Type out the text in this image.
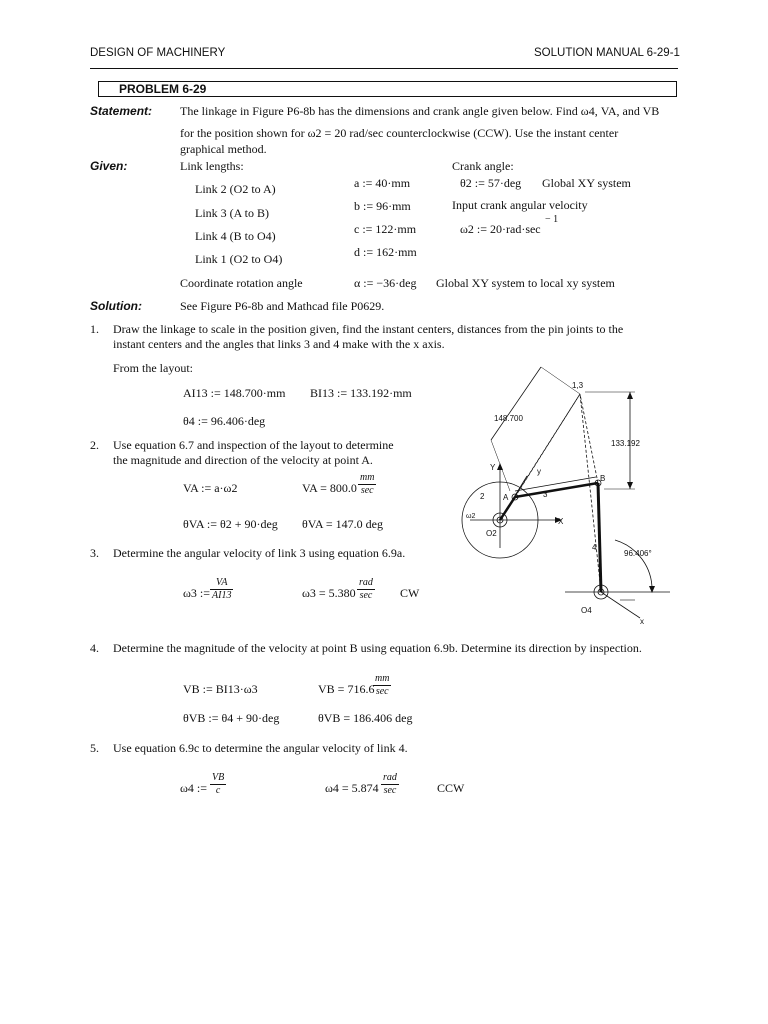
DESIGN OF MACHINERY	SOLUTION MANUAL 6-29-1
PROBLEM 6-29
Statement: The linkage in Figure P6-8b has the dimensions and crank angle given below. Find ω4, VA, and VB
for the position shown for ω2 = 20 rad/sec counterclockwise (CCW). Use the instant center
graphical method.
Given:	Link lengths:
Link 2 (O2 to A)	a := 40·mm
Link 3 (A to B)	b := 96·mm
Link 4 (B to O4)	c := 122·mm
Link 1 (O2 to O4)	d := 162·mm
Crank angle:
θ2 := 57·deg Global XY system
Input crank angular velocity
ω2 := 20·rad·sec
− 1
Coordinate rotation angle	α := −36·deg Global XY system to local xy system
Solution:	See Figure P6-8b and Mathcad file P0629.
1. Draw the linkage to scale in the position given, find the instant centers, distances from the pin joints to the
instant centers and the angles that links 3 and 4 make with the x axis.
From the layout:
AI13 := 148.700·mm BI13 := 133.192·mm
θ4 := 96.406·deg
2. Use equation 6.7 and inspection of the layout to determine
the magnitude and direction of the velocity at point A.
VA := a·ω2	VA = 800.0
mm
sec
θVA := θ2 + 90·deg θVA = 147.0 deg
3. Determine the angular velocity of link 3 using equation 6.9a.
ω3 := $\frac{VA}{AI13}$	ω3 = 5.380
rad
sec CW
4. Determine the magnitude of the velocity at point B using equation 6.9b. Determine its direction by inspection.
VB := BI13·ω3	VB = 716.6
mm
sec
θVB := θ4 + 90·deg	θVB = 186.406 deg
5. Use equation 6.9c to determine the angular velocity of link 4.
ω4 := $\frac{VB}{c}$	ω4 = 5.874
rad
sec	CCW
1,3
148.700
133.192
Y	y
2 A	3
B
ω2
X
O2
4
96.406°
O4
x
